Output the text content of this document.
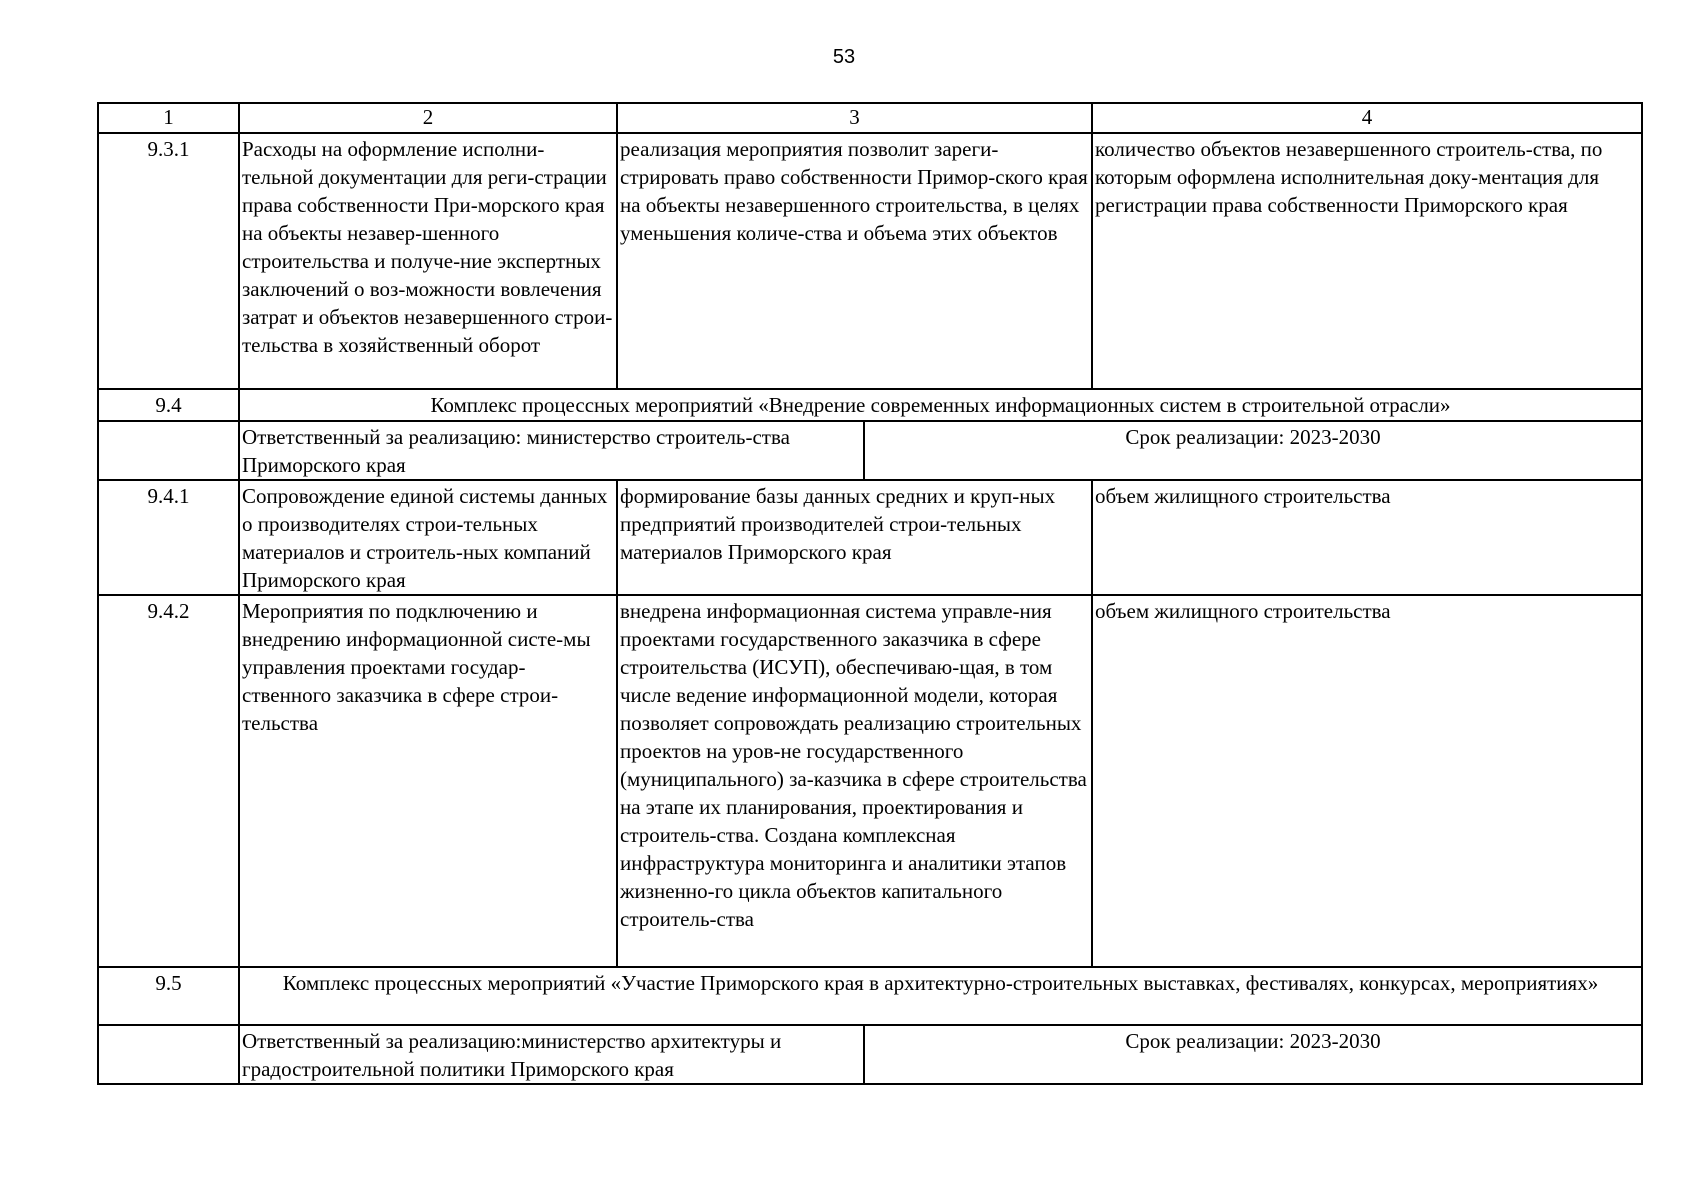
53
1	2	3		4
9.3.1	Расходы на оформление исполни-тельной документации для реги-страции права собственности При-морского края на объекты незавер-шенного строительства и получе-ние экспертных заключений о воз-можности вовлечения затрат и объектов незавершенного строи-тельства в хозяйственный оборот	реализация мероприятия позволит зареги-стрировать право собственности Примор-ского края на объекты незавершенного строительства, в целях уменьшения количе-ства и объема этих объектов		количество объектов незавершенного строитель-ства, по которым оформлена исполнительная доку-ментация для регистрации права собственности Приморского края
9.4	Комплекс процессных мероприятий «Внедрение современных информационных систем в строительной отрасли»			
	Ответственный за реализацию: министерство строитель-ства Приморского края		Срок реализации: 2023-2030	
9.4.1	Сопровождение единой системы данных о производителях строи-тельных материалов и строитель-ных компаний Приморского края	формирование базы данных средних и круп-ных предприятий производителей строи-тельных материалов Приморского края		объем жилищного строительства
9.4.2	Мероприятия по подключению и внедрению информационной систе-мы управления проектами государ-ственного заказчика в сфере строи-тельства	внедрена информационная система управле-ния проектами государственного заказчика в сфере строительства (ИСУП), обеспечиваю-щая, в том числе ведение информационной модели, которая позволяет сопровождать реализацию строительных проектов на уров-не государственного (муниципального) за-казчика в сфере строительства на этапе их планирования, проектирования и строитель-ства. Создана комплексная инфраструктура мониторинга и аналитики этапов жизненно-го цикла объектов капитального строитель-ства		объем жилищного строительства
9.5	Комплекс процессных мероприятий «Участие Приморского края в архитектурно-строительных выставках, фестивалях, конкурсах, мероприятиях»			
	Ответственный за реализацию:министерство архитектуры и градостроительной политики Приморского края		Срок реализации: 2023-2030	
